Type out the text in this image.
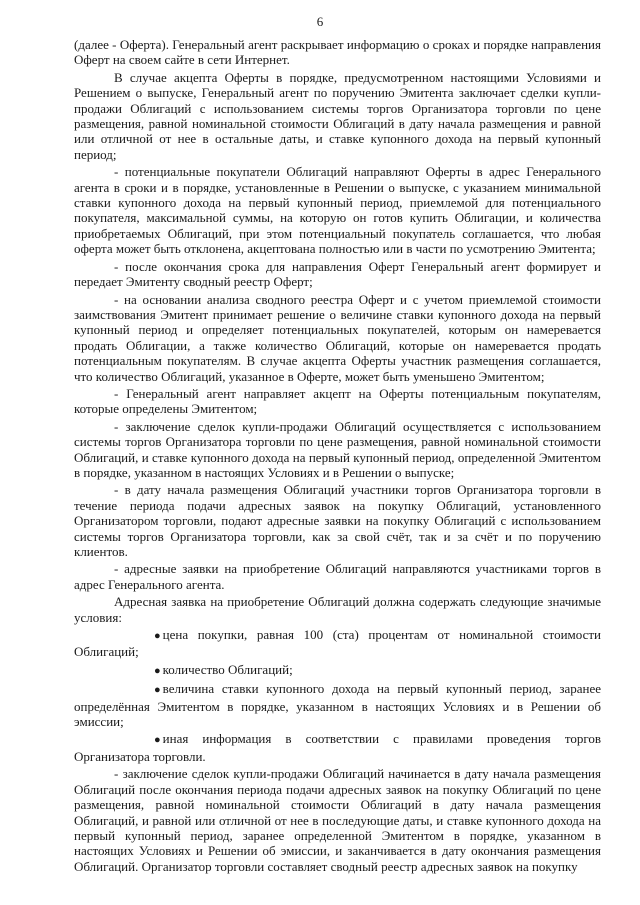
6

(далее - Оферта). Генеральный агент раскрывает информацию о сроках и порядке направления Оферт на своем сайте в сети Интернет.

В случае акцепта Оферты в порядке, предусмотренном настоящими Условиями и Решением о выпуске, Генеральный агент по поручению Эмитента заключает сделки купли-продажи Облигаций с использованием системы торгов Организатора торговли по цене размещения, равной номинальной стоимости Облигаций в дату начала размещения и равной или отличной от нее в остальные даты, и ставке купонного дохода на первый купонный период;

- потенциальные покупатели Облигаций направляют Оферты в адрес Генерального агента в сроки и в порядке, установленные в Решении о выпуске, с указанием минимальной ставки купонного дохода на первый купонный период, приемлемой для потенциального покупателя, максимальной суммы, на которую он готов купить Облигации, и количества приобретаемых Облигаций, при этом потенциальный покупатель соглашается, что любая оферта может быть отклонена, акцептована полностью или в части по усмотрению Эмитента;

- после окончания срока для направления Оферт Генеральный агент формирует и передает Эмитенту сводный реестр Оферт;

- на основании анализа сводного реестра Оферт и с учетом приемлемой стоимости заимствования Эмитент принимает решение о величине ставки купонного дохода на первый купонный период и определяет потенциальных покупателей, которым он намеревается продать Облигации, а также количество Облигаций, которые он намеревается продать потенциальным покупателям. В случае акцепта Оферты участник размещения соглашается, что количество Облигаций, указанное в Оферте, может быть уменьшено Эмитентом;

- Генеральный агент направляет акцепт на Оферты потенциальным покупателям, которые определены Эмитентом;

- заключение сделок купли-продажи Облигаций осуществляется с использованием системы торгов Организатора торговли по цене размещения, равной номинальной стоимости Облигаций, и ставке купонного дохода на первый купонный период, определенной Эмитентом в порядке, указанном в настоящих Условиях и в Решении о выпуске;

- в дату начала размещения Облигаций участники торгов Организатора торговли в течение периода подачи адресных заявок на покупку Облигаций, установленного Организатором торговли, подают адресные заявки на покупку Облигаций с использованием системы торгов Организатора торговли, как за свой счёт, так и за счёт и по поручению клиентов.

- адресные заявки на приобретение Облигаций направляются участниками торгов в адрес Генерального агента.

Адресная заявка на приобретение Облигаций должна содержать следующие значимые условия:

● цена покупки, равная 100 (ста) процентам от номинальной стоимости Облигаций;

● количество Облигаций;

● величина ставки купонного дохода на первый купонный период, заранее определённая Эмитентом в порядке, указанном в настоящих Условиях и в Решении об эмиссии;

● иная информация в соответствии с правилами проведения торгов Организатора торговли.

- заключение сделок купли-продажи Облигаций начинается в дату начала размещения Облигаций после окончания периода подачи адресных заявок на покупку Облигаций по цене размещения, равной номинальной стоимости Облигаций в дату начала размещения Облигаций, и равной или отличной от нее в последующие даты, и ставке купонного дохода на первый купонный период, заранее определенной Эмитентом в порядке, указанном в настоящих Условиях и Решении об эмиссии, и заканчивается в дату окончания размещения Облигаций. Организатор торговли составляет сводный реестр адресных заявок на покупку
